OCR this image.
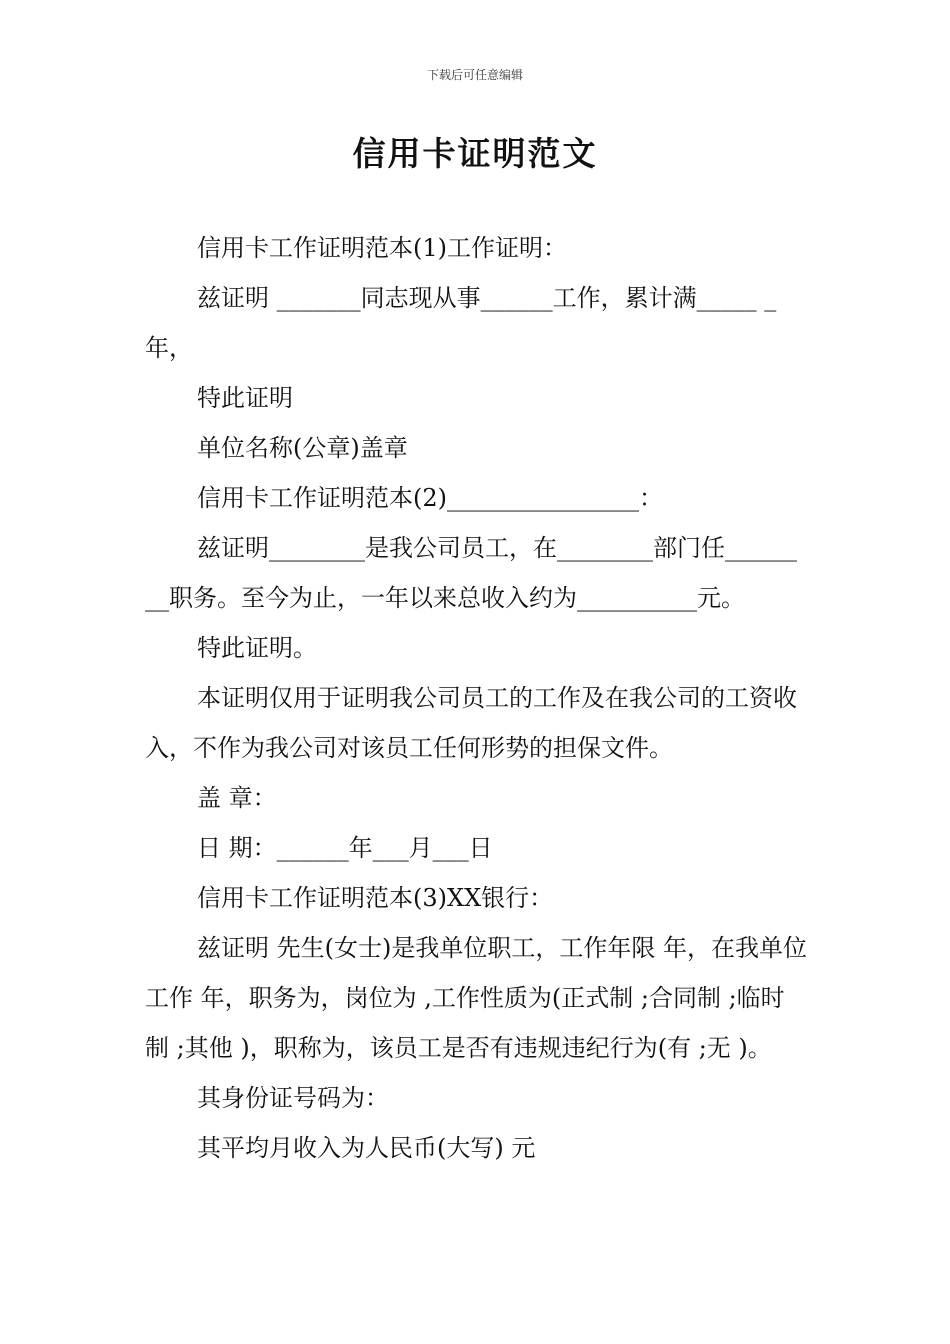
下载后可任意编辑
信用卡证明范文

信用卡工作证明范本(1)工作证明：

兹证明 _______同志现从事______工作，累计满_____ _ 年，

特此证明

单位名称(公章)盖章

信用卡工作证明范本(2)________________：

兹证明________是我公司员工，在________部门任________职务。至今为止，一年以来总收入约为__________元。

特此证明。

本证明仅用于证明我公司员工的工作及在我公司的工资收入，不作为我公司对该员工任何形势的担保文件。

盖 章：

日 期：______年___月___日

信用卡工作证明范本(3)XX银行：

兹证明 先生(女士)是我单位职工，工作年限 年，在我单位工作 年，职务为，岗位为 ,工作性质为(正式制 ;合同制 ;临时制 ;其他 )，职称为，该员工是否有违规违纪行为(有 ;无 )。

其身份证号码为：

其平均月收入为人民币(大写) 元
